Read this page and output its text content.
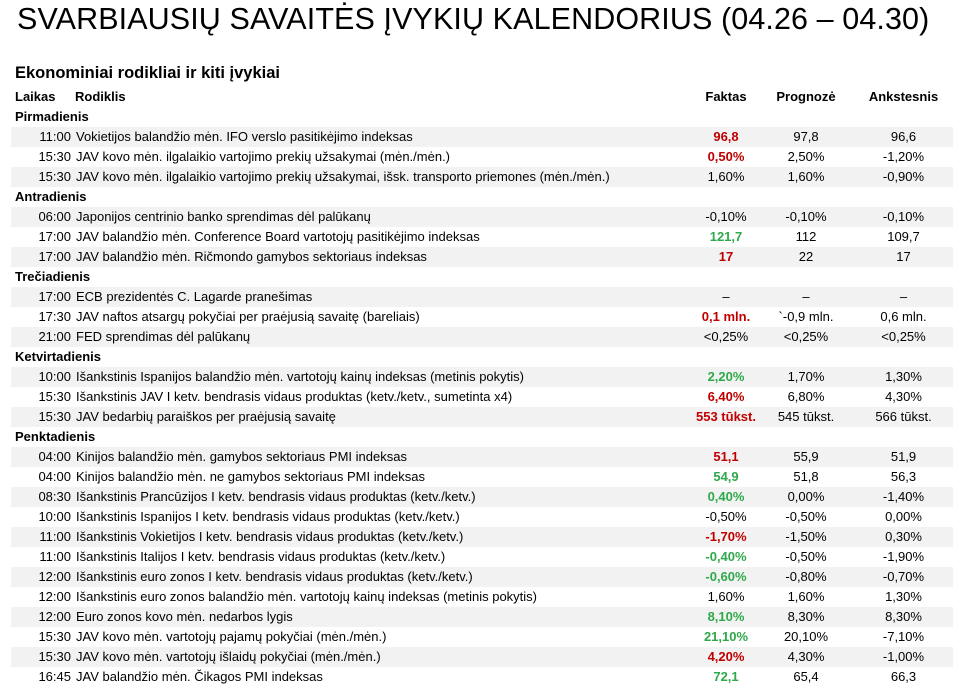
SVARBIAUSIŲ SAVAITĖS ĮVYKIŲ KALENDORIUS (04.26 – 04.30)
Ekonominiai rodikliai ir kiti įvykiai
Laikas Rodiklis	Faktas	Prognozė	Ankstesnis
Pirmadienis
11:00 Vokietijos balandžio mėn. IFO verslo pasitikėjimo indeksas	96,8	97,8	96,6
15:30 JAV kovo mėn. ilgalaikio vartojimo prekių užsakymai (mėn./mėn.)	0,50%	2,50%	-1,20%
15:30 JAV kovo mėn. ilgalaikio vartojimo prekių užsakymai, išsk. transporto priemones (mėn./mėn.)	1,60%	1,60%	-0,90%
Antradienis
06:00 Japonijos centrinio banko sprendimas dėl palūkanų	-0,10%	-0,10%	-0,10%
17:00 JAV balandžio mėn. Conference Board vartotojų pasitikėjimo indeksas	121,7	112	109,7
17:00 JAV balandžio mėn. Ričmondo gamybos sektoriaus indeksas	17	22	17
Trečiadienis
17:00 ECB prezidentės C. Lagarde pranešimas	–	–	–
17:30 JAV naftos atsargų pokyčiai per praėjusią savaitę (bareliais)	0,1 mln.	`-0,9 mln.	0,6 mln.
21:00 FED sprendimas dėl palūkanų	<0,25%	<0,25%	<0,25%
Ketvirtadienis
10:00 Išankstinis Ispanijos balandžio mėn. vartotojų kainų indeksas (metinis pokytis)	2,20%	1,70%	1,30%
15:30 Išankstinis JAV I ketv. bendrasis vidaus produktas (ketv./ketv., sumetinta x4)	6,40%	6,80%	4,30%
15:30 JAV bedarbių paraiškos per praėjusią savaitę	553 tūkst.	545 tūkst.	566 tūkst.
Penktadienis
04:00 Kinijos balandžio mėn. gamybos sektoriaus PMI indeksas	51,1	55,9	51,9
04:00 Kinijos balandžio mėn. ne gamybos sektoriaus PMI indeksas	54,9	51,8	56,3
08:30 Išankstinis Prancūzijos I ketv. bendrasis vidaus produktas (ketv./ketv.)	0,40%	0,00%	-1,40%
10:00 Išankstinis Ispanijos I ketv. bendrasis vidaus produktas (ketv./ketv.)	-0,50%	-0,50%	0,00%
11:00 Išankstinis Vokietijos I ketv. bendrasis vidaus produktas (ketv./ketv.)	-1,70%	-1,50%	0,30%
11:00 Išankstinis Italijos I ketv. bendrasis vidaus produktas (ketv./ketv.)	-0,40%	-0,50%	-1,90%
12:00 Išankstinis euro zonos I ketv. bendrasis vidaus produktas (ketv./ketv.)	-0,60%	-0,80%	-0,70%
12:00 Išankstinis euro zonos balandžio mėn. vartotojų kainų indeksas (metinis pokytis)	1,60%	1,60%	1,30%
12:00 Euro zonos kovo mėn. nedarbos lygis	8,10%	8,30%	8,30%
15:30 JAV kovo mėn. vartotojų pajamų pokyčiai (mėn./mėn.)	21,10%	20,10%	-7,10%
15:30 JAV kovo mėn. vartotojų išlaidų pokyčiai (mėn./mėn.)	4,20%	4,30%	-1,00%
16:45 JAV balandžio mėn. Čikagos PMI indeksas	72,1	65,4	66,3
